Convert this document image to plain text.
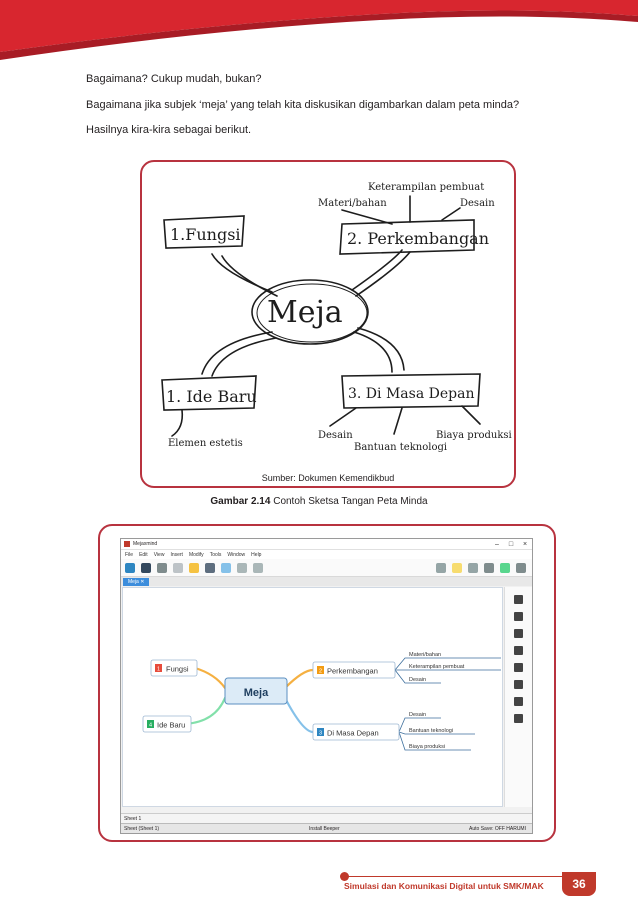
Bagaimana? Cukup mudah, bukan?

Bagaimana jika subjek ‘meja’ yang telah kita diskusikan digambarkan dalam peta minda?

Hasilnya kira-kira sebagai berikut.

Meja
1.Fungsi	2. Perkembangan
1. Ide Baru	3. Di Masa Depan
Materi/bahan
Keterampilan pembuat
Desain
Elemen estetis
Desain
Bantuan teknologi
Biaya produksi
Sumber: Dokumen Kemendikbud
Gambar 2.14 Contoh Sketsa Tangan Peta Minda
Mejaxmind	–	□	×
File Edit View Insert Modify Tools Window Help
Meja ✕
Meja
1 Fungsi
4 Ide Baru
2 Perkembangan
3 Di Masa Depan
Materi/bahan
Keterampilan pembuat
Desain
Desain
Bantuan teknologi
Biaya produksi
Sheet 1
Sheet (Sheet 1)	Install Beeper	Auto Save: OFF HARUMI
Simulasi dan Komunikasi Digital untuk SMK/MAK	36
